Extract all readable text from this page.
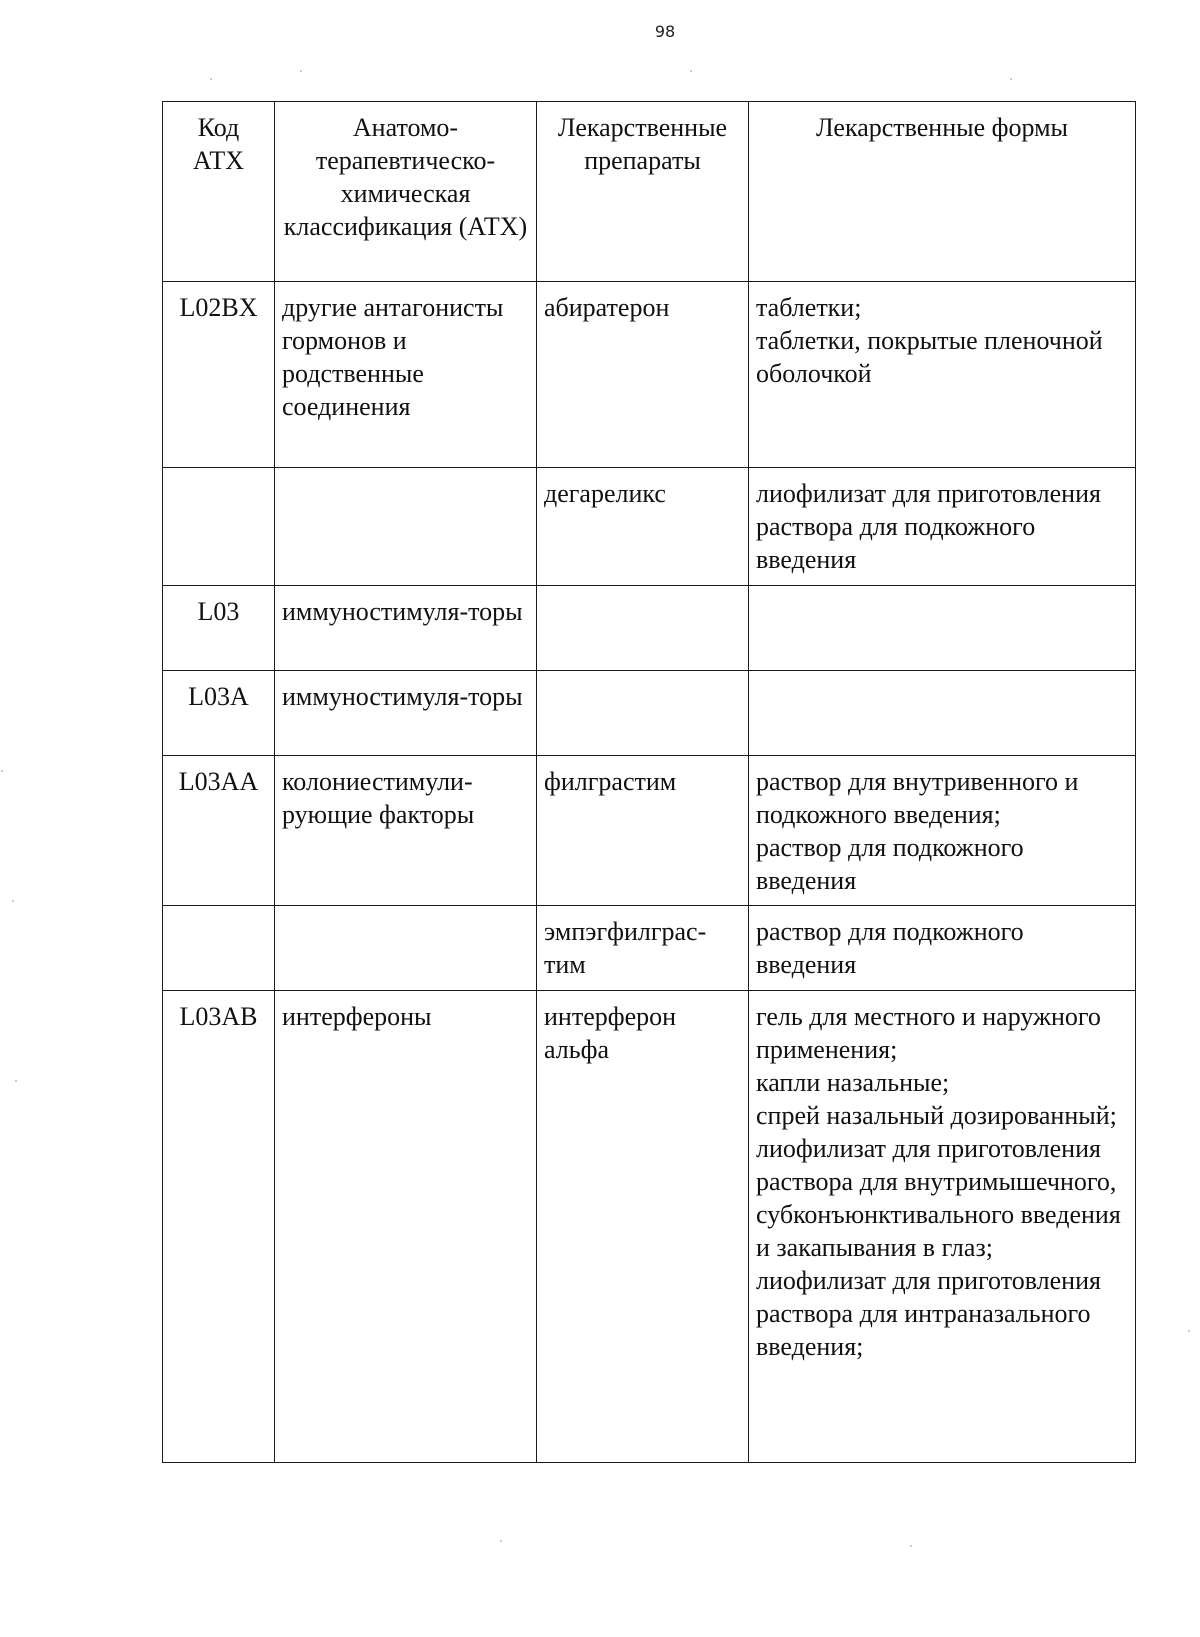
98
Код АТХ	Анатомо-терапевтическо-химическая классификация (АТХ)	Лекарственные препараты	Лекарственные формы
L02BX	другие антагонисты гормонов и родственные соединения	абиратерон	таблетки;
таблетки, покрытые пленочной оболочкой

		дегареликс	лиофилизат для приготовления раствора для подкожного введения

L03	иммуностимуля-торы		
L03A	иммуностимуля-торы		
L03AA	колониестимули-рующие факторы	филграстим	раствор для внутривенного и подкожного введения;
раствор для подкожного введения

		эмпэгфилграс-тим	раствор для подкожного введения

L03AB	интерфероны	интерферон альфа	гель для местного и наружного применения;
капли назальные;
спрей назальный дозированный;
лиофилизат для приготовления раствора для внутримышечного, субконъюнктивального введения и закапывания в глаз;
лиофилизат для приготовления раствора для интраназального введения;
